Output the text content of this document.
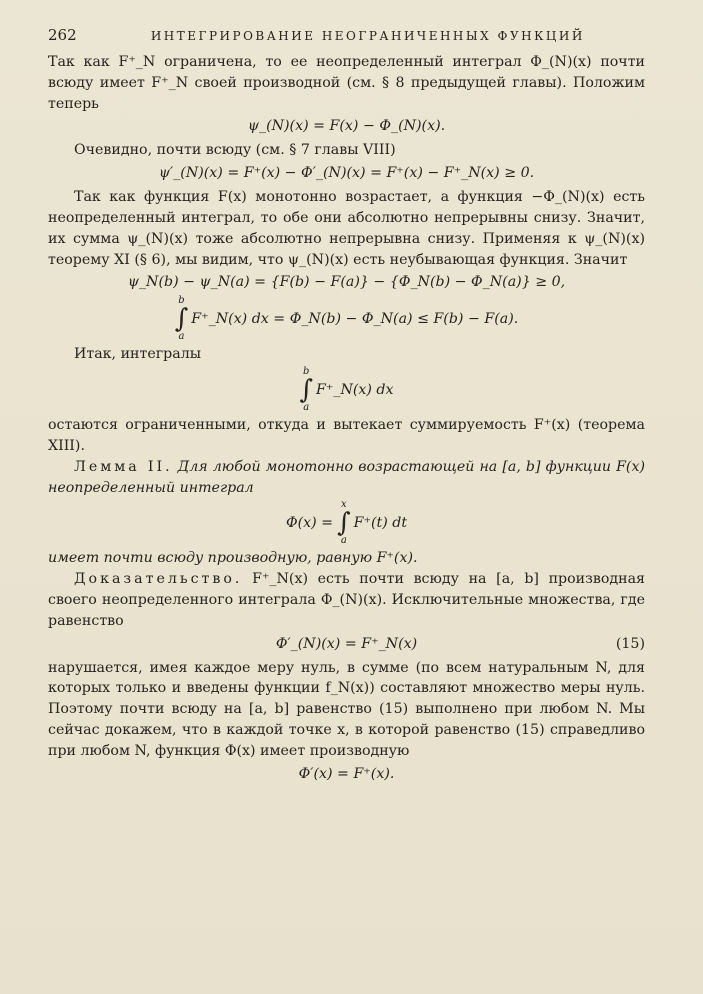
262	ИНТЕГРИРОВАНИЕ НЕОГРАНИЧЕННЫХ ФУНКЦИЙ

Так как F⁺_N ограничена, то ее неопределенный интеграл Φ_(N)(x) почти всюду имеет F⁺_N своей производной (см. § 8 предыдущей главы). Положим теперь

ψ_(N)(x) = F(x) − Φ_(N)(x).

Очевидно, почти всюду (см. § 7 главы VIII)

ψ′_(N)(x) = F⁺(x) − Φ′_(N)(x) = F⁺(x) − F⁺_N(x) ≥ 0.

Так как функция F(x) монотонно возрастает, а функция −Φ_(N)(x) есть неопределенный интеграл, то обе они абсолютно непрерывны снизу. Значит, их сумма ψ_(N)(x) тоже абсолютно непрерывна снизу. Применяя к ψ_(N)(x) теорему XI (§ 6), мы видим, что ψ_(N)(x) есть неубывающая функция. Значит

ψ_N(b) − ψ_N(a) = {F(b) − F(a)} − {Φ_N(b) − Φ_N(a)} ≥ 0,
b
∫
a
F⁺_N(x) dx = Φ_N(b) − Φ_N(a) ≤ F(b) − F(a).

Итак, интегралы

b
∫
a
F⁺_N(x) dx

остаются ограниченными, откуда и вытекает суммируемость F⁺(x) (теорема XIII).

Лемма II. Для любой монотонно возрастающей на [a, b] функции F(x) неопределенный интеграл

Φ(x) =
x
∫
a
F⁺(t) dt

имеет почти всюду производную, равную F⁺(x).

Доказательство. F⁺_N(x) есть почти всюду на [a, b] производная своего неопределенного интеграла Φ_(N)(x). Исключительные множества, где равенство

Φ′_(N)(x) = F⁺_N(x)	(15)

нарушается, имея каждое меру нуль, в сумме (по всем натуральным N, для которых только и введены функции f_N(x)) составляют множество меры нуль. Поэтому почти всюду на [a, b] равенство (15) выполнено при любом N. Мы сейчас докажем, что в каждой точке x, в которой равенство (15) справедливо при любом N, функция Φ(x) имеет производную

Φ′(x) = F⁺(x).
